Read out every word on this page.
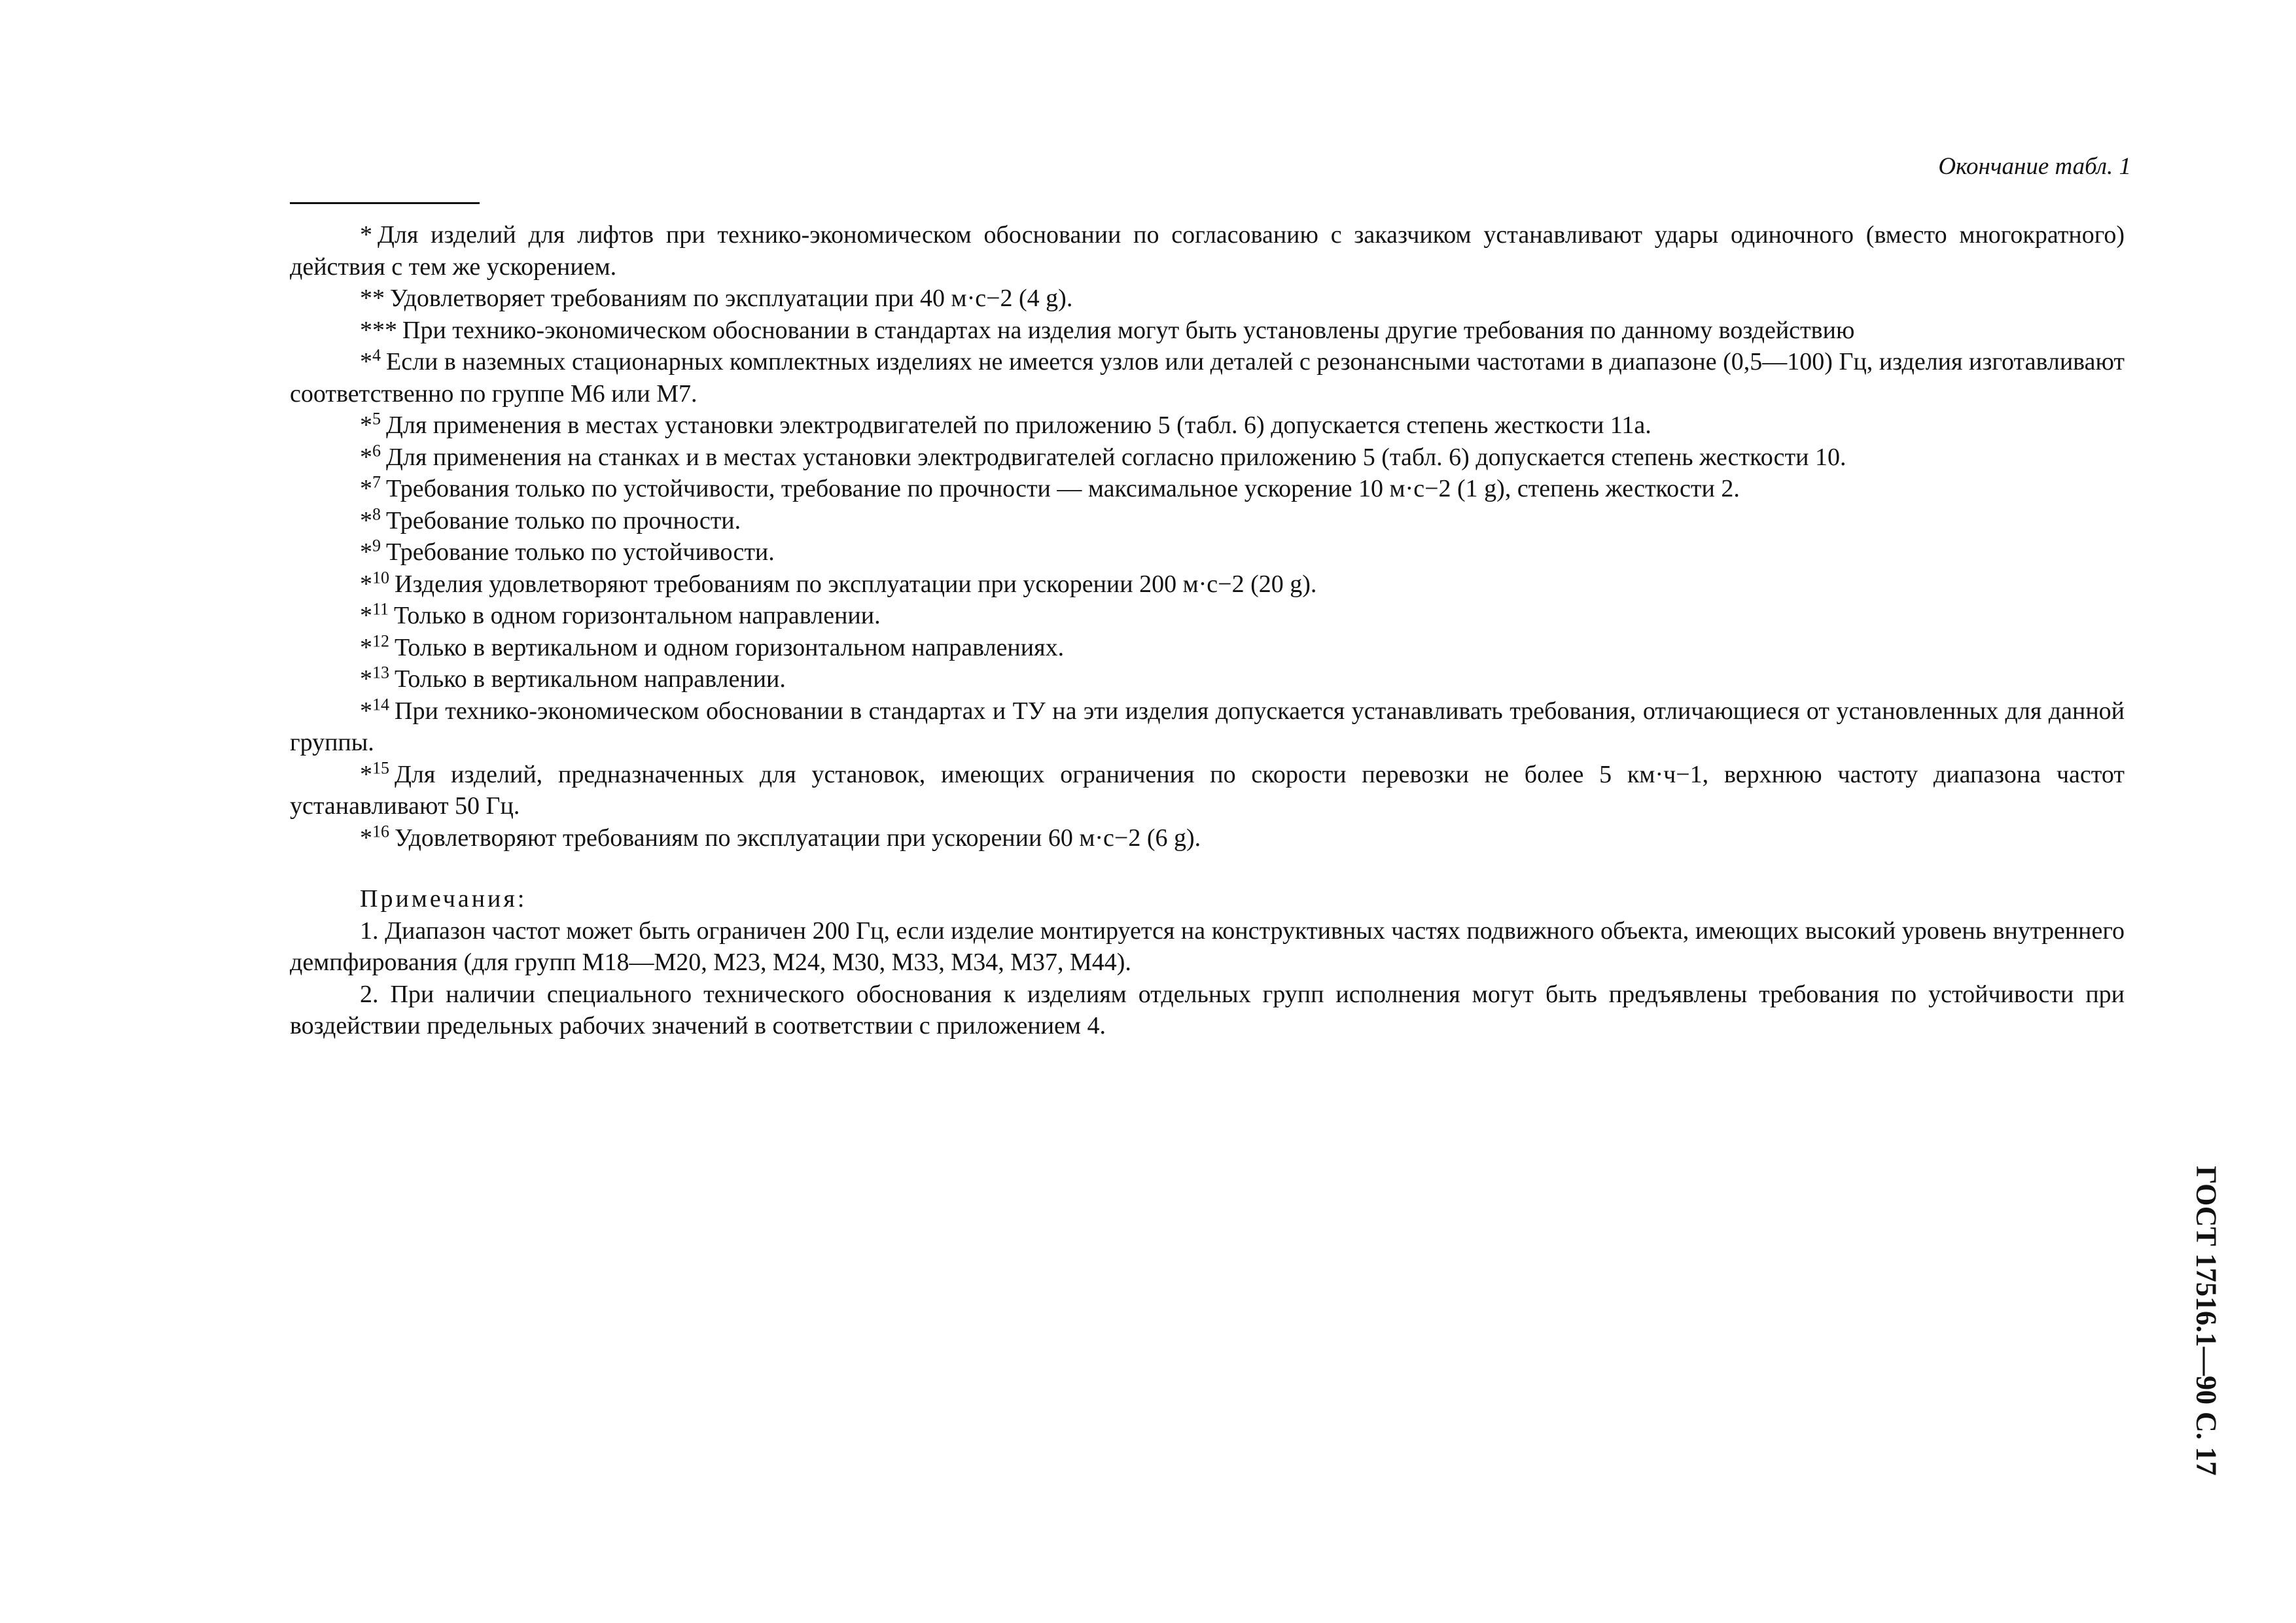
Окончание табл. 1

* Для изделий для лифтов при технико-экономическом обосновании по согласованию с заказчиком устанавливают удары одиночного (вместо многократного) действия с тем же ускорением.

** Удовлетворяет требованиям по эксплуатации при 40 м·с−2 (4 g).

*** При технико-экономическом обосновании в стандартах на изделия могут быть установлены другие требования по данному воздействию

*$^4$ Если в наземных стационарных комплектных изделиях не имеется узлов или деталей с резонансными частотами в диапазоне (0,5—100) Гц, изделия изготавливают соответственно по группе М6 или М7.

*$^5$ Для применения в местах установки электродвигателей по приложению 5 (табл. 6) допускается степень жесткости 11а.

*$^6$ Для применения на станках и в местах установки электродвигателей согласно приложению 5 (табл. 6) допускается степень жесткости 10.

*$^7$ Требования только по устойчивости, требование по прочности — максимальное ускорение 10 м·с−2 (1 g), степень жесткости 2.

*$^8$ Требование только по прочности.

*$^9$ Требование только по устойчивости.

*$^{10}$ Изделия удовлетворяют требованиям по эксплуатации при ускорении 200 м·с−2 (20 g).

*$^{11}$ Только в одном горизонтальном направлении.

*$^{12}$ Только в вертикальном и одном горизонтальном направлениях.

*$^{13}$ Только в вертикальном направлении.

*$^{14}$ При технико-экономическом обосновании в стандартах и ТУ на эти изделия допускается устанавливать требования, отличающиеся от установленных для данной группы.

*$^{15}$ Для изделий, предназначенных для установок, имеющих ограничения по скорости перевозки не более 5 км·ч−1, верхнюю частоту диапазона частот устанавливают 50 Гц.

*$^{16}$ Удовлетворяют требованиям по эксплуатации при ускорении 60 м·с−2 (6 g).

Примечания:

1. Диапазон частот может быть ограничен 200 Гц, если изделие монтируется на конструктивных частях подвижного объекта, имеющих высокий уровень внутреннего демпфирования (для групп М18—М20, М23, М24, М30, М33, М34, М37, М44).

2. При наличии специального технического обоснования к изделиям отдельных групп исполнения могут быть предъявлены требования по устойчивости при воздействии предельных рабочих значений в соответствии с приложением 4.

ГОСТ 17516.1—90 С. 17
